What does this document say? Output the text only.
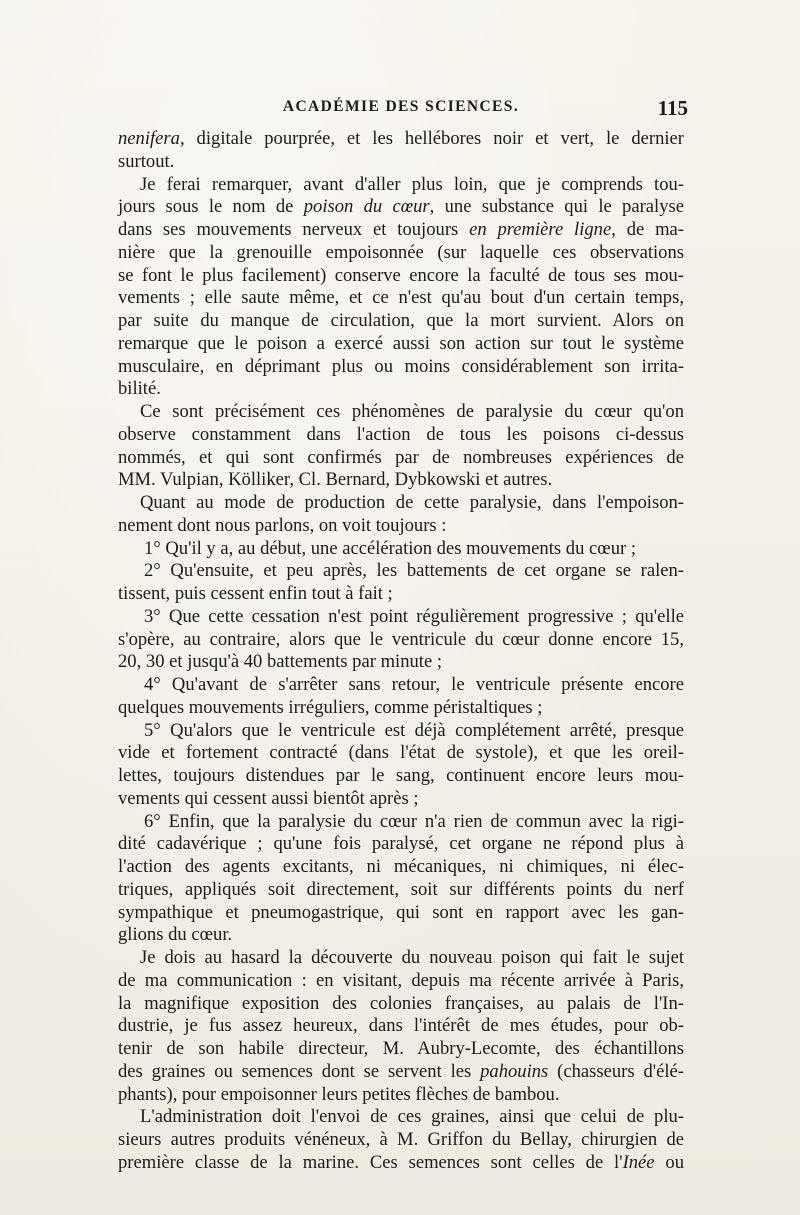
ACADÉMIE DES SCIENCES.	115
nenifera, digitale pourprée, et les hellébores noir et vert, le dernier
surtout.
Je ferai remarquer, avant d'aller plus loin, que je comprends tou-
jours sous le nom de poison du cœur, une substance qui le paralyse
dans ses mouvements nerveux et toujours en première ligne, de ma-
nière que la grenouille empoisonnée (sur laquelle ces observations
se font le plus facilement) conserve encore la faculté de tous ses mou-
vements ; elle saute même, et ce n'est qu'au bout d'un certain temps,
par suite du manque de circulation, que la mort survient. Alors on
remarque que le poison a exercé aussi son action sur tout le système
musculaire, en déprimant plus ou moins considérablement son irrita-
bilité.
Ce sont précisément ces phénomènes de paralysie du cœur qu'on
observe constamment dans l'action de tous les poisons ci-dessus
nommés, et qui sont confirmés par de nombreuses expériences de
MM. Vulpian, Kölliker, Cl. Bernard, Dybkowski et autres.
Quant au mode de production de cette paralysie, dans l'empoison-
nement dont nous parlons, on voit toujours :
1° Qu'il y a, au début, une accélération des mouvements du cœur ;
2° Qu'ensuite, et peu après, les battements de cet organe se ralen-
tissent, puis cessent enfin tout à fait ;
3° Que cette cessation n'est point régulièrement progressive ; qu'elle
s'opère, au contraire, alors que le ventricule du cœur donne encore 15,
20, 30 et jusqu'à 40 battements par minute ;
4° Qu'avant de s'arrêter sans retour, le ventricule présente encore
quelques mouvements irréguliers, comme péristaltiques ;
5° Qu'alors que le ventricule est déjà complétement arrêté, presque
vide et fortement contracté (dans l'état de systole), et que les oreil-
lettes, toujours distendues par le sang, continuent encore leurs mou-
vements qui cessent aussi bientôt après ;
6° Enfin, que la paralysie du cœur n'a rien de commun avec la rigi-
dité cadavérique ; qu'une fois paralysé, cet organe ne répond plus à
l'action des agents excitants, ni mécaniques, ni chimiques, ni élec-
triques, appliqués soit directement, soit sur différents points du nerf
sympathique et pneumogastrique, qui sont en rapport avec les gan-
glions du cœur.
Je dois au hasard la découverte du nouveau poison qui fait le sujet
de ma communication : en visitant, depuis ma récente arrivée à Paris,
la magnifique exposition des colonies françaises, au palais de l'In-
dustrie, je fus assez heureux, dans l'intérêt de mes études, pour ob-
tenir de son habile directeur, M. Aubry-Lecomte, des échantillons
des graines ou semences dont se servent les pahouins (chasseurs d'élé-
phants), pour empoisonner leurs petites flèches de bambou.
L'administration doit l'envoi de ces graines, ainsi que celui de plu-
sieurs autres produits vénéneux, à M. Griffon du Bellay, chirurgien de
première classe de la marine. Ces semences sont celles de l'Inée ou
